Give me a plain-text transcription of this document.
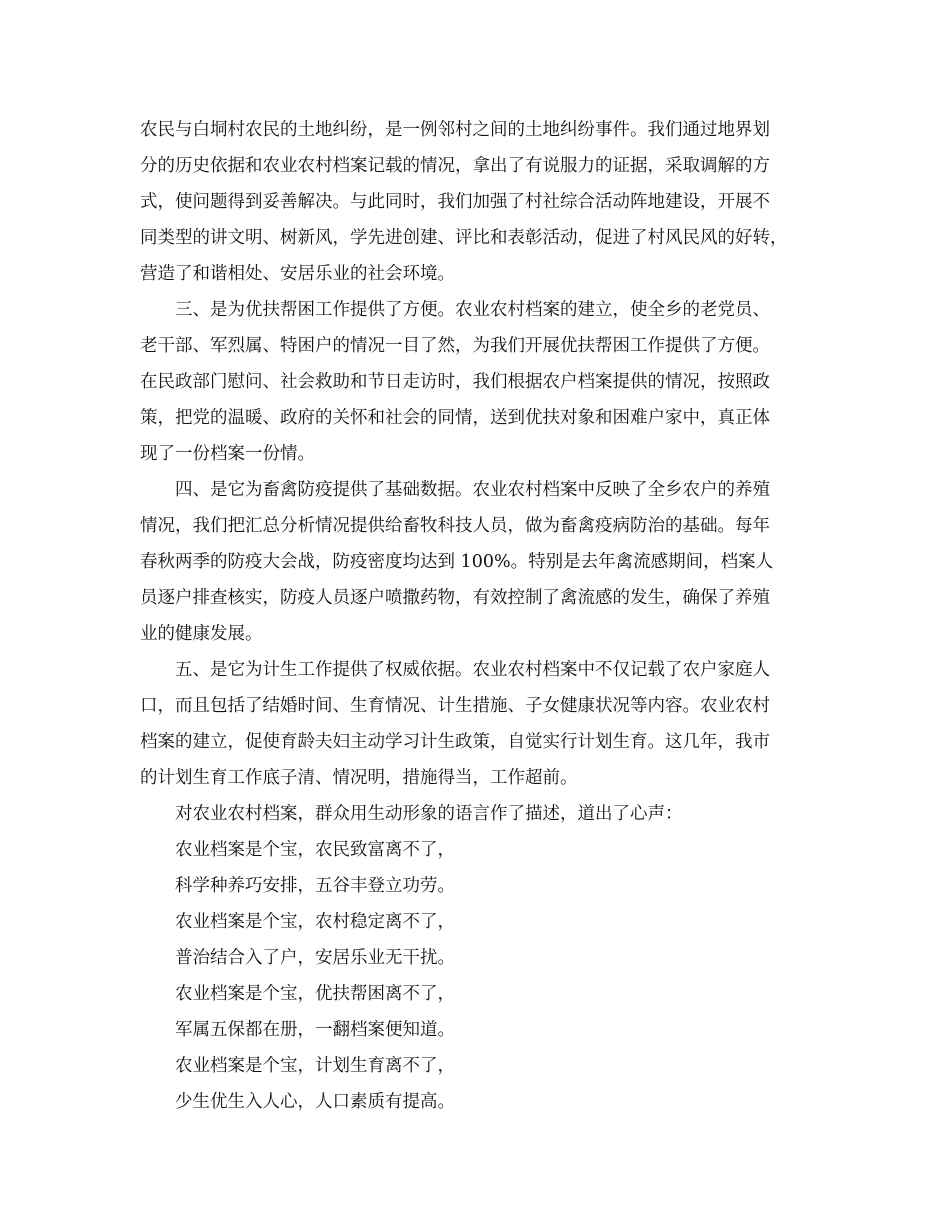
农民与白垌村农民的土地纠纷，是一例邻村之间的土地纠纷事件。我们通过地界划
分的历史依据和农业农村档案记载的情况，拿出了有说服力的证据，采取调解的方
式，使问题得到妥善解决。与此同时，我们加强了村社综合活动阵地建设，开展不
同类型的讲文明、树新风，学先进创建、评比和表彰活动，促进了村风民风的好转，
营造了和谐相处、安居乐业的社会环境。
三、是为优扶帮困工作提供了方便。农业农村档案的建立，使全乡的老党员、
老干部、军烈属、特困户的情况一目了然，为我们开展优扶帮困工作提供了方便。
在民政部门慰问、社会救助和节日走访时，我们根据农户档案提供的情况，按照政
策，把党的温暖、政府的关怀和社会的同情，送到优扶对象和困难户家中，真正体
现了一份档案一份情。
四、是它为畜禽防疫提供了基础数据。农业农村档案中反映了全乡农户的养殖
情况，我们把汇总分析情况提供给畜牧科技人员，做为畜禽疫病防治的基础。每年
春秋两季的防疫大会战，防疫密度均达到 100%。特别是去年禽流感期间，档案人
员逐户排查核实，防疫人员逐户喷撒药物，有效控制了禽流感的发生，确保了养殖
业的健康发展。
五、是它为计生工作提供了权威依据。农业农村档案中不仅记载了农户家庭人
口，而且包括了结婚时间、生育情况、计生措施、子女健康状况等内容。农业农村
档案的建立，促使育龄夫妇主动学习计生政策，自觉实行计划生育。这几年，我市
的计划生育工作底子清、情况明，措施得当，工作超前。
对农业农村档案，群众用生动形象的语言作了描述，道出了心声：
农业档案是个宝，农民致富离不了，
科学种养巧安排，五谷丰登立功劳。
农业档案是个宝，农村稳定离不了，
普治结合入了户，安居乐业无干扰。
农业档案是个宝，优扶帮困离不了，
军属五保都在册，一翻档案便知道。
农业档案是个宝，计划生育离不了，
少生优生入人心，人口素质有提高。
